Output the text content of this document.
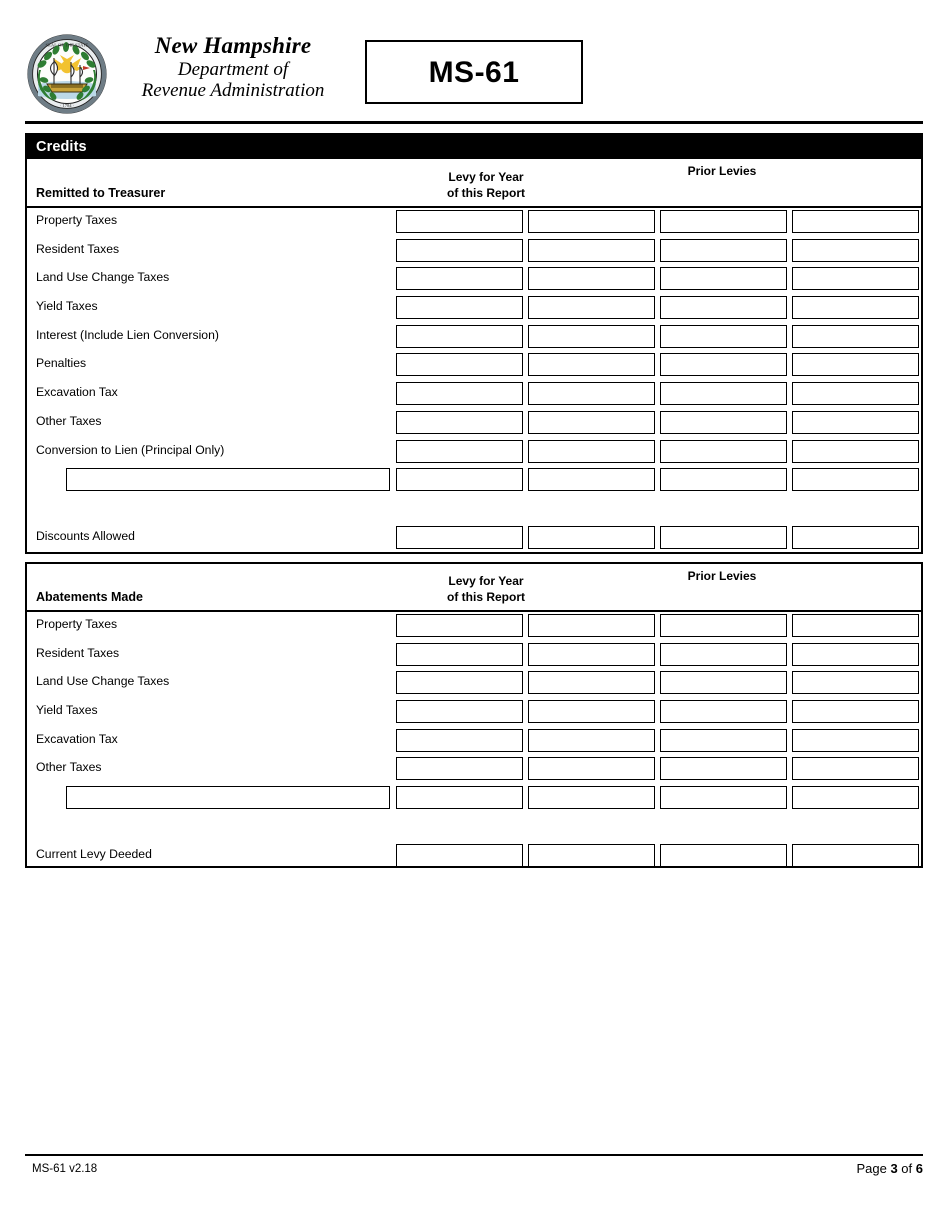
SEAL OF THE STATE
· 1784 ·
New Hampshire
Department of
Revenue Administration
MS-61
Credits
Remitted to Treasurer
Levy for Year
of this Report
Prior Levies
Property Taxes
Resident Taxes
Land Use Change Taxes
Yield Taxes
Interest (Include Lien Conversion)
Penalties
Excavation Tax
Other Taxes
Conversion to Lien (Principal Only)
Discounts Allowed
Abatements Made
Levy for Year
of this Report
Prior Levies
Property Taxes
Resident Taxes
Land Use Change Taxes
Yield Taxes
Excavation Tax
Other Taxes
Current Levy Deeded
MS-61 v2.18	Page 3 of 6
